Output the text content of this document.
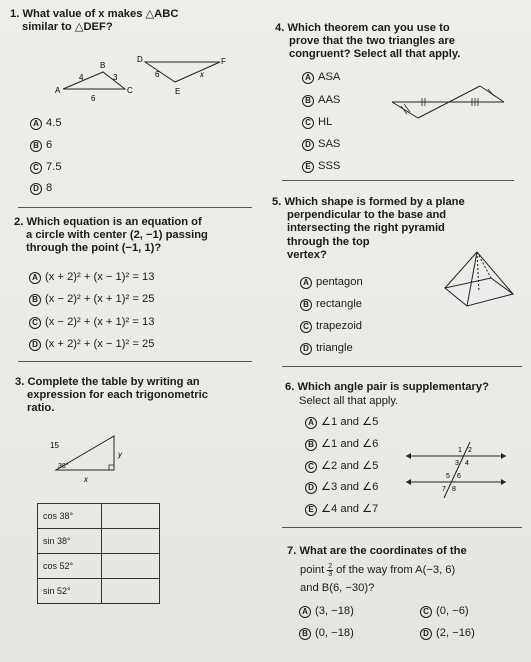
1. What value of x makes △ABC
similar to △DEF?
B
A	C
4	3
6
D
E
F
6	x
A 4.5
B 6
C 7.5
D 8
2. Which equation is an equation of
a circle with center (2, −1) passing
through the point (−1, 1)?
A (x + 2)² + (x − 1)² = 13
B (x − 2)² + (x + 1)² = 25
C (x − 2)² + (x + 1)² = 13
D (x + 2)² + (x − 1)² = 25
3. Complete the table by writing an
expression for each trigonometric
ratio.
15
y
x
38°
cos 38°	
sin 38°	
cos 52°	
sin 52°	
4. Which theorem can you use to
prove that the two triangles are
congruent? Select all that apply.
A ASA
B AAS
C HL
D SAS
E SSS
5. Which shape is formed by a plane
perpendicular to the base and
intersecting the right pyramid
through the top
vertex?
A pentagon
B rectangle
C trapezoid
D triangle
6. Which angle pair is supplementary?
Select all that apply.
A ∠1 and ∠5
B ∠1 and ∠6
C ∠2 and ∠5
D ∠3 and ∠6
E ∠4 and ∠7
1 2
3 4
5 6
7 8
7. What are the coordinates of the
point $\frac{2}{3}$ of the way from A(−3, 6)
and B(6, −30)?
A (3, −18)
B (0, −18)
C (0, −6)
D (2, −16)
